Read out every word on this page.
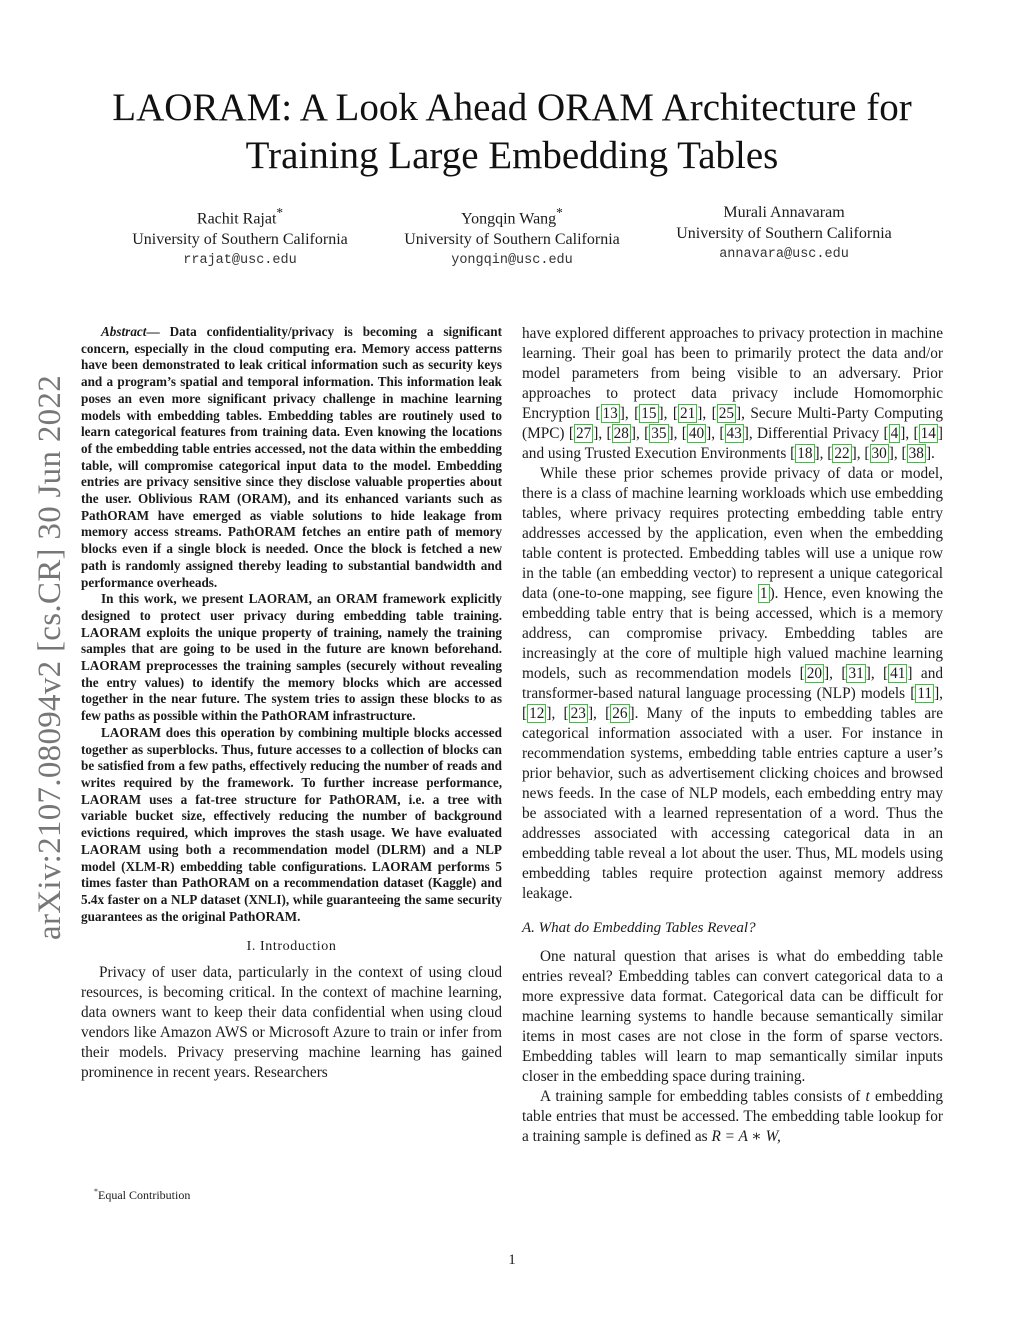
arXiv:2107.08094v2 [cs.CR] 30 Jun 2022
LAORAM: A Look Ahead ORAM Architecture for
Training Large Embedding Tables
Rachit Rajat*
University of Southern California
rrajat@usc.edu
Yongqin Wang*
University of Southern California
yongqin@usc.edu
Murali Annavaram
University of Southern California
annavara@usc.edu

Abstract— Data confidentiality/privacy is becoming a significant concern, especially in the cloud computing era. Memory access patterns have been demonstrated to leak critical information such as security keys and a program’s spatial and temporal information. This information leak poses an even more significant privacy challenge in machine learning models with embedding tables. Embedding tables are routinely used to learn categorical features from training data. Even knowing the locations of the embedding table entries accessed, not the data within the embedding table, will compromise categorical input data to the model. Embedding entries are privacy sensitive since they disclose valuable properties about the user. Oblivious RAM (ORAM), and its enhanced variants such as PathORAM have emerged as viable solutions to hide leakage from memory access streams. PathORAM fetches an entire path of memory blocks even if a single block is needed. Once the block is fetched a new path is randomly assigned thereby leading to substantial bandwidth and performance overheads.

In this work, we present LAORAM, an ORAM framework explicitly designed to protect user privacy during embedding table training. LAORAM exploits the unique property of training, namely the training samples that are going to be used in the future are known beforehand. LAORAM preprocesses the training samples (securely without revealing the entry values) to identify the memory blocks which are accessed together in the near future. The system tries to assign these blocks to as few paths as possible within the PathORAM infrastructure.

LAORAM does this operation by combining multiple blocks accessed together as superblocks. Thus, future accesses to a collection of blocks can be satisfied from a few paths, effectively reducing the number of reads and writes required by the framework. To further increase performance, LAORAM uses a fat-tree structure for PathORAM, i.e. a tree with variable bucket size, effectively reducing the number of background evictions required, which improves the stash usage. We have evaluated LAORAM using both a recommendation model (DLRM) and a NLP model (XLM-R) embedding table configurations. LAORAM performs 5 times faster than PathORAM on a recommendation dataset (Kaggle) and 5.4x faster on a NLP dataset (XNLI), while guaranteeing the same security guarantees as the original PathORAM.

I. Introduction

Privacy of user data, particularly in the context of using cloud resources, is becoming critical. In the context of machine learning, data owners want to keep their data confidential when using cloud vendors like Amazon AWS or Microsoft Azure to train or infer from their models. Privacy preserving machine learning has gained prominence in recent years. Researchers

*Equal Contribution

have explored different approaches to privacy protection in machine learning. Their goal has been to primarily protect the data and/or model parameters from being visible to an adversary. Prior approaches to protect data privacy include Homomorphic Encryption [ 13 ], [ 15 ], [ 21 ], [ 25 ], Secure Multi-Party Computing (MPC) [ 27 ], [ 28 ], [ 35 ], [ 40 ], [ 43 ], Differential Privacy [ 4 ], [ 14 ] and using Trusted Execution Environments [ 18 ], [ 22 ], [ 30 ], [ 38 ].

While these prior schemes provide privacy of data or model, there is a class of machine learning workloads which use embedding tables, where privacy requires protecting embedding table entry addresses accessed by the application, even when the embedding table content is protected. Embedding tables will use a unique row in the table (an embedding vector) to represent a unique categorical data (one-to-one mapping, see figure 1 ). Hence, even knowing the embedding table entry that is being accessed, which is a memory address, can compromise privacy. Embedding tables are increasingly at the core of multiple high valued machine learning models, such as recommendation models [ 20 ], [ 31 ], [ 41 ] and transformer-based natural language processing (NLP) models [ 11 ], [ 12 ], [ 23 ], [ 26 ]. Many of the inputs to embedding tables are categorical information associated with a user. For instance in recommendation systems, embedding table entries capture a user’s prior behavior, such as advertisement clicking choices and browsed news feeds. In the case of NLP models, each embedding entry may be associated with a learned representation of a word. Thus the addresses associated with accessing categorical data in an embedding table reveal a lot about the user. Thus, ML models using embedding tables require protection against memory address leakage.

A. What do Embedding Tables Reveal?

One natural question that arises is what do embedding table entries reveal? Embedding tables can convert categorical data to a more expressive data format. Categorical data can be difficult for machine learning systems to handle because semantically similar items in most cases are not close in the form of sparse vectors. Embedding tables will learn to map semantically similar inputs closer in the embedding space during training.

A training sample for embedding tables consists of t embedding table entries that must be accessed. The embedding table lookup for a training sample is defined as R = A ∗ W,

1
